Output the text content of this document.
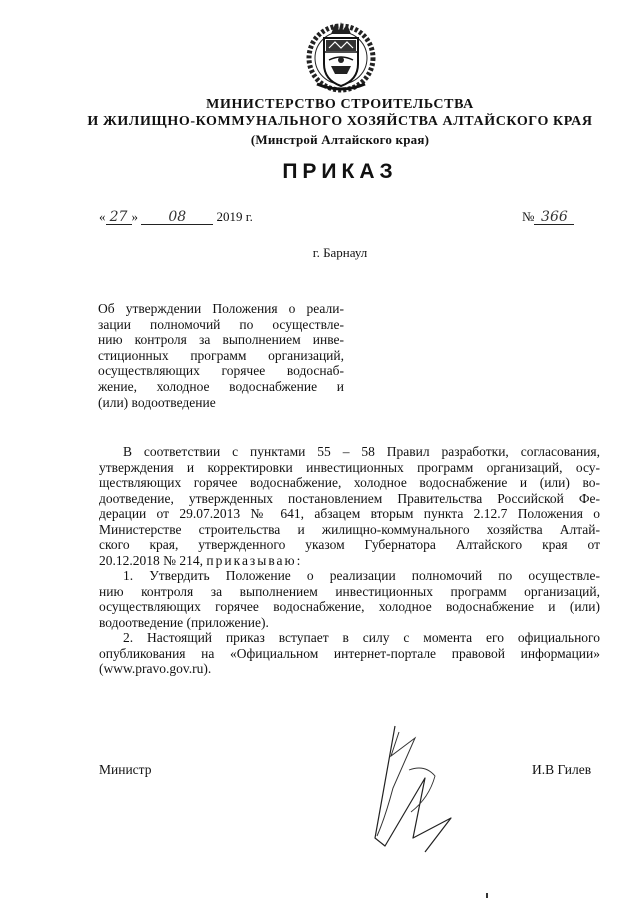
МИНИСТЕРСТВО СТРОИТЕЛЬСТВА
И ЖИЛИЩНО-КОММУНАЛЬНОГО ХОЗЯЙСТВА АЛТАЙСКОГО КРАЯ
(Минстрой Алтайского края)
ПРИКАЗ
« 27 » 08 2019 г.	№ 366
г. Барнаул
Об утверждении Положения о реали-
зации полномочий по осуществле-
нию контроля за выполнением инве-
стиционных программ организаций,
осуществляющих горячее водоснаб-
жение, холодное водоснабжение и
(или) водоотведение
В соответствии с пунктами 55 – 58 Правил разработки, согласования,
утверждения и корректировки инвестиционных программ организаций, осу-
ществляющих горячее водоснабжение, холодное водоснабжение и (или) во-
доотведение, утвержденных постановлением Правительства Российской Фе-
дерации от 29.07.2013 № 641, абзацем вторым пункта 2.12.7 Положения о
Министерстве строительства и жилищно-коммунального хозяйства Алтай-
ского края, утвержденного указом Губернатора Алтайского края от
20.12.2018 № 214, приказываю:
1. Утвердить Положение о реализации полномочий по осуществле-
нию контроля за выполнением инвестиционных программ организаций,
осуществляющих горячее водоснабжение, холодное водоснабжение и (или)
водоотведение (приложение).
2. Настоящий приказ вступает в силу с момента его официального
опубликования на «Официальном интернет-портале правовой информации»
(www.pravo.gov.ru).
Министр	И.В Гилев
